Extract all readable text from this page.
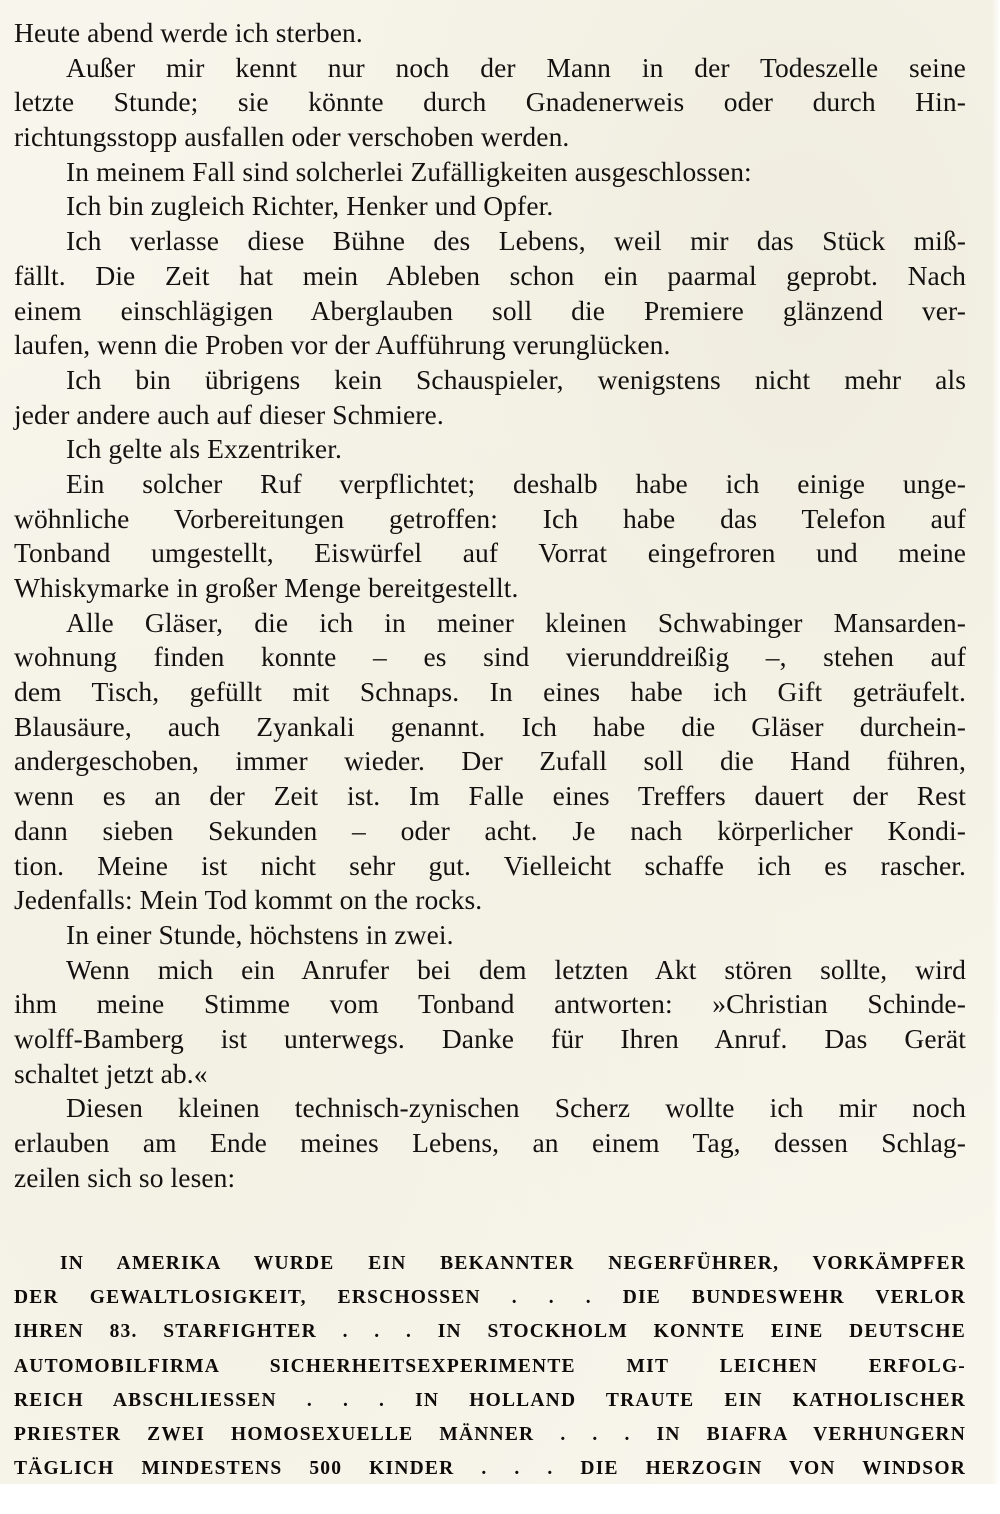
Heute abend werde ich sterben.
Außer mir kennt nur noch der Mann in der Todeszelle seine
letzte Stunde; sie könnte durch Gnadenerweis oder durch Hin-
richtungsstopp ausfallen oder verschoben werden.
In meinem Fall sind solcherlei Zufälligkeiten ausgeschlossen:
Ich bin zugleich Richter, Henker und Opfer.
Ich verlasse diese Bühne des Lebens, weil mir das Stück miß-
fällt. Die Zeit hat mein Ableben schon ein paarmal geprobt. Nach
einem einschlägigen Aberglauben soll die Premiere glänzend ver-
laufen, wenn die Proben vor der Aufführung verunglücken.
Ich bin übrigens kein Schauspieler, wenigstens nicht mehr als
jeder andere auch auf dieser Schmiere.
Ich gelte als Exzentriker.
Ein solcher Ruf verpflichtet; deshalb habe ich einige unge-
wöhnliche Vorbereitungen getroffen: Ich habe das Telefon auf
Tonband umgestellt, Eiswürfel auf Vorrat eingefroren und meine
Whiskymarke in großer Menge bereitgestellt.
Alle Gläser, die ich in meiner kleinen Schwabinger Mansarden-
wohnung finden konnte – es sind vierunddreißig –, stehen auf
dem Tisch, gefüllt mit Schnaps. In eines habe ich Gift geträufelt.
Blausäure, auch Zyankali genannt. Ich habe die Gläser durchein-
andergeschoben, immer wieder. Der Zufall soll die Hand führen,
wenn es an der Zeit ist. Im Falle eines Treffers dauert der Rest
dann sieben Sekunden – oder acht. Je nach körperlicher Kondi-
tion. Meine ist nicht sehr gut. Vielleicht schaffe ich es rascher.
Jedenfalls: Mein Tod kommt on the rocks.
In einer Stunde, höchstens in zwei.
Wenn mich ein Anrufer bei dem letzten Akt stören sollte, wird
ihm meine Stimme vom Tonband antworten: »Christian Schinde-
wolff-Bamberg ist unterwegs. Danke für Ihren Anruf. Das Gerät
schaltet jetzt ab.«
Diesen kleinen technisch-zynischen Scherz wollte ich mir noch
erlauben am Ende meines Lebens, an einem Tag, dessen Schlag-
zeilen sich so lesen:
IN AMERIKA WURDE EIN BEKANNTER NEGERFÜHRER, VORKÄMPFER
DER GEWALTLOSIGKEIT, ERSCHOSSEN . . . DIE BUNDESWEHR VERLOR
IHREN 83. STARFIGHTER . . . IN STOCKHOLM KONNTE EINE DEUTSCHE
AUTOMOBILFIRMA SICHERHEITSEXPERIMENTE MIT LEICHEN ERFOLG-
REICH ABSCHLIESSEN . . . IN HOLLAND TRAUTE EIN KATHOLISCHER
PRIESTER ZWEI HOMOSEXUELLE MÄNNER . . . IN BIAFRA VERHUNGERN
TÄGLICH MINDESTENS 500 KINDER . . . DIE HERZOGIN VON WINDSOR
